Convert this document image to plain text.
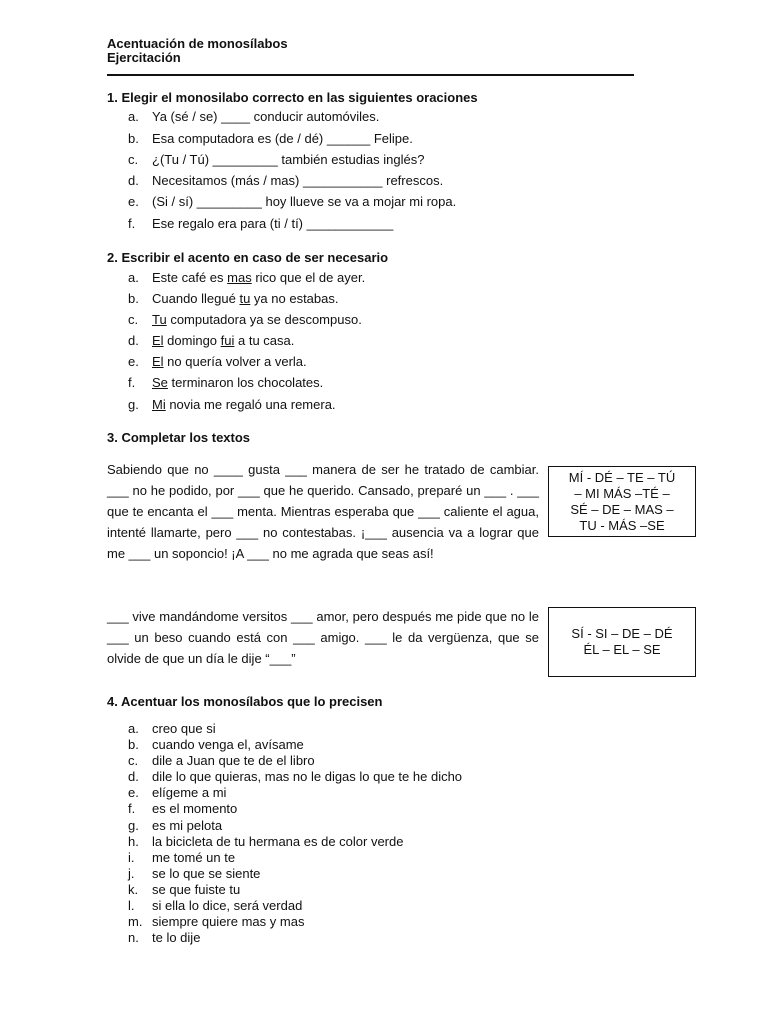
Acentuación de monosílabos
Ejercitación
1. Elegir el monosilabo correcto en las siguientes oraciones
a. Ya (sé / se) ____ conducir automóviles.
b. Esa computadora es (de / dé) ______ Felipe.
c. ¿(Tu / Tú) _________ también estudias inglés?
d. Necesitamos (más / mas) ___________ refrescos.
e. (Si / sí) _________ hoy llueve se va a mojar mi ropa.
f. Ese regalo era para (ti / tí) ____________
2. Escribir el acento en caso de ser necesario
a. Este café es mas rico que el de ayer.
b. Cuando llegué tu ya no estabas.
c. Tu computadora ya se descompuso.
d. El domingo fui a tu casa.
e. El no quería volver a verla.
f. Se terminaron los chocolates.
g. Mi novia me regaló una remera.
3. Completar los textos

Sabiendo que no ____ gusta ___ manera de ser he tratado de cambiar. ___ no he podido, por ___ que he querido. Cansado, preparé un ___ . ___ que te encanta el ___ menta. Mientras esperaba que ___ caliente el agua, intenté llamarte, pero ___ no contestabas. ¡___ ausencia va a lograr que me ___ un soponcio! ¡A ___ no me agrada que seas así!

MÍ - DÉ – TE – TÚ
– MI MÁS –TÉ –
SÉ – DE – MAS –
TU - MÁS –SE

___ vive mandándome versitos ___ amor, pero después me pide que no le ___ un beso cuando está con ___ amigo. ___ le da vergüenza, que se olvide de que un día le dije “___”

SÍ - SI – DE – DÉ
ÉL – EL – SE
4. Acentuar los monosílabos que lo precisen
a. creo que si
b. cuando venga el, avísame
c. dile a Juan que te de el libro
d. dile lo que quieras, mas no le digas lo que te he dicho
e. elígeme a mi
f. es el momento
g. es mi pelota
h. la bicicleta de tu hermana es de color verde
i. me tomé un te
j. se lo que se siente
k. se que fuiste tu
l. si ella lo dice, será verdad
m. siempre quiere mas y mas
n. te lo dije
